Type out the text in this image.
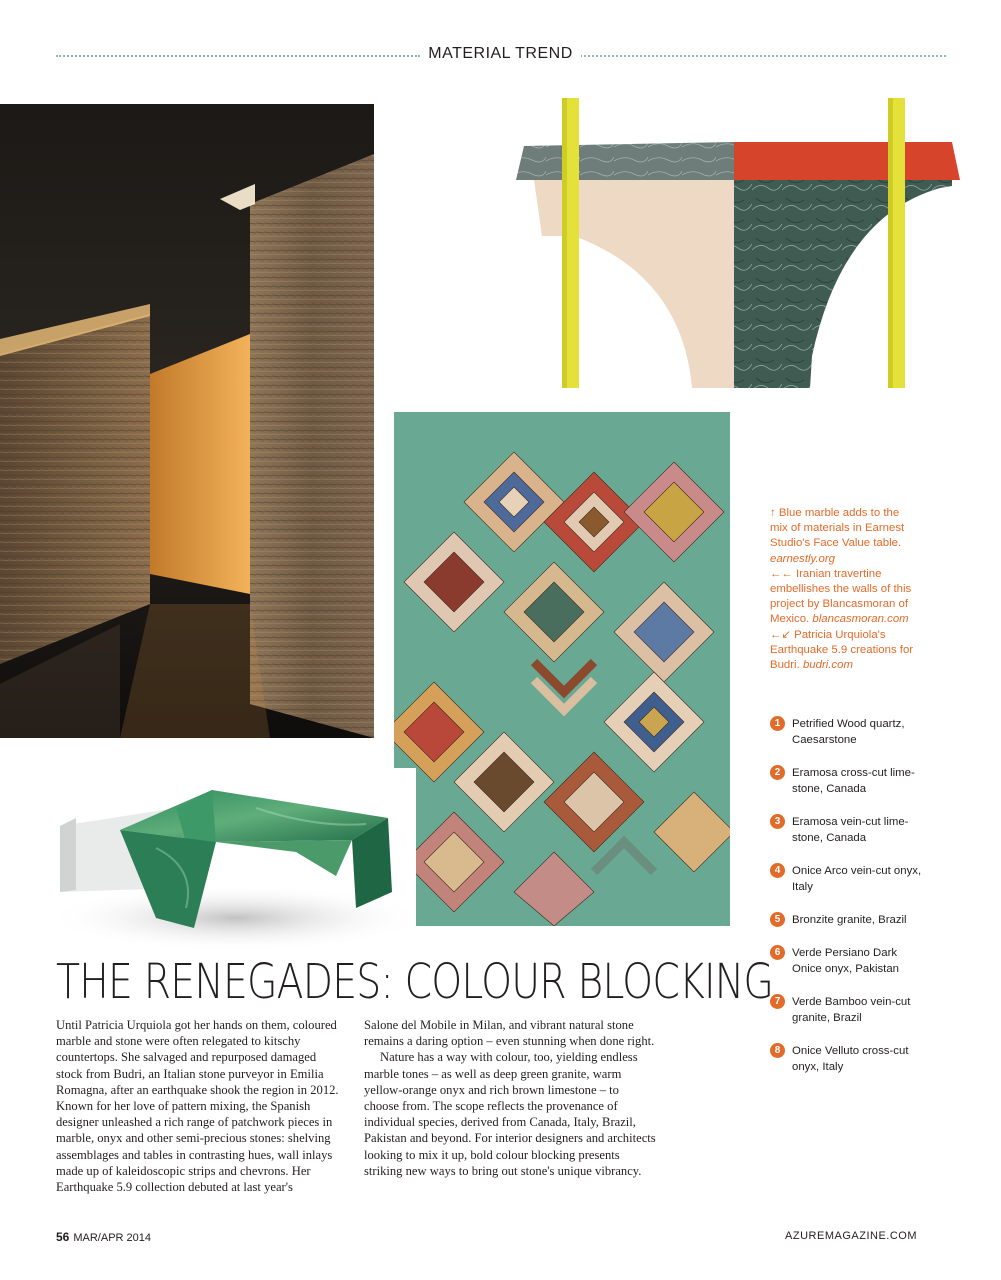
MATERIAL TREND

↑ Blue marble adds to the mix of materials in Earnest Studio's Face Value table. earnestly.org

←← Iranian travertine embellishes the walls of this project by Blancasmoran of Mexico. blancasmoran.com

←↙ Patricia Urquiola's Earthquake 5.9 creations for Budri. budri.com

1	Petrified Wood quartz, Caesarstone
2	Eramosa cross-cut lime-stone, Canada
3	Eramosa vein-cut lime-stone, Canada
4	Onice Arco vein-cut onyx, Italy
5	Bronzite granite, Brazil
6	Verde Persiano Dark Onice onyx, Pakistan
7	Verde Bamboo vein-cut granite, Brazil
8	Onice Velluto cross-cut onyx, Italy
THE RENEGADES: COLOUR BLOCKING

Until Patricia Urquiola got her hands on them, coloured marble and stone were often relegated to kitschy countertops. She salvaged and repurposed damaged stock from Budri, an Italian stone purveyor in Emilia Romagna, after an earthquake shook the region in 2012. Known for her love of pattern mixing, the Spanish designer unleashed a rich range of patchwork pieces in marble, onyx and other semi-precious stones: shelving assemblages and tables in contrasting hues, wall inlays made up of kaleidoscopic strips and chevrons. Her Earthquake 5.9 collection debuted at last year's

Salone del Mobile in Milan, and vibrant natural stone remains a daring option – even stunning when done right.

Nature has a way with colour, too, yielding endless marble tones – as well as deep green granite, warm yellow-orange onyx and rich brown limestone – to choose from. The scope reflects the provenance of individual species, derived from Canada, Italy, Brazil, Pakistan and beyond. For interior designers and architects looking to mix it up, bold colour blocking presents striking new ways to bring out stone's unique vibrancy.

56 MAR/APR 2014	AZUREMAGAZINE.COM
